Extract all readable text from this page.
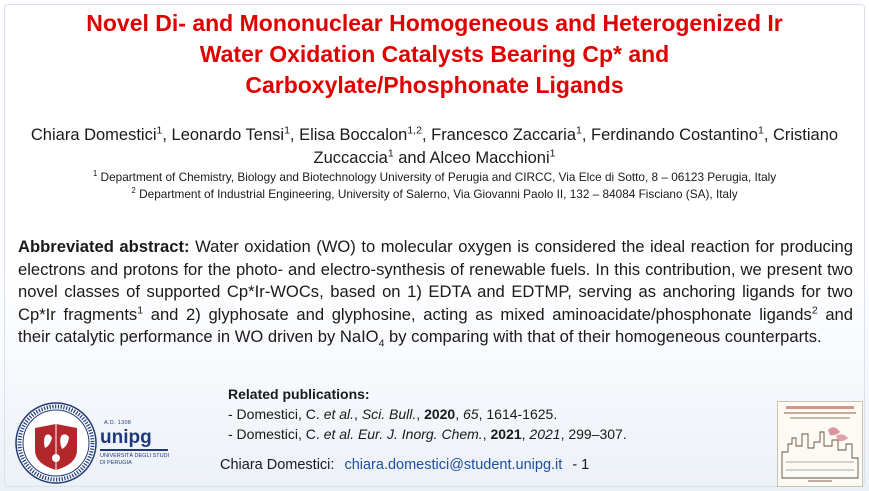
Novel Di- and Mononuclear Homogeneous and Heterogenized Ir
Water Oxidation Catalysts Bearing Cp* and
Carboxylate/Phosphonate Ligands

Chiara Domestici$^1$, Leonardo Tensi$^1$, Elisa Boccalon$^{1,2}$, Francesco Zaccaria$^1$, Ferdinando Costantino$^1$, Cristiano Zuccaccia$^1$ and Alceo Macchioni$^1$

$^1$ Department of Chemistry, Biology and Biotechnology University of Perugia and CIRCC, Via Elce di Sotto, 8 – 06123 Perugia, Italy

$^2$ Department of Industrial Engineering, University of Salerno, Via Giovanni Paolo II, 132 – 84084 Fisciano (SA), Italy

Abbreviated abstract: Water oxidation (WO) to molecular oxygen is considered the ideal reaction for producing electrons and protons for the photo- and electro-synthesis of renewable fuels. In this contribution, we present two novel classes of supported Cp*Ir-WOCs, based on 1) EDTA and EDTMP, serving as anchoring ligands for two Cp*Ir fragments$^1$ and 2) glyphosate and glyphosine, acting as mixed aminoacidate/phosphonate ligands$^2$ and their catalytic performance in WO driven by NaIO$_4$ by comparing with that of their homogeneous counterparts.

Related publications:
- Domestici, C. et al., Sci. Bull., 2020, 65, 1614-1625.
- Domestici, C. et al. Eur. J. Inorg. Chem., 2021, 2021, 299–307.
Chiara Domestici: chiara.domestici@student.unipg.it - 1
A.D. 1308
unipg
UNIVERSITÀ DEGLI STUDI
DI PERUGIA
